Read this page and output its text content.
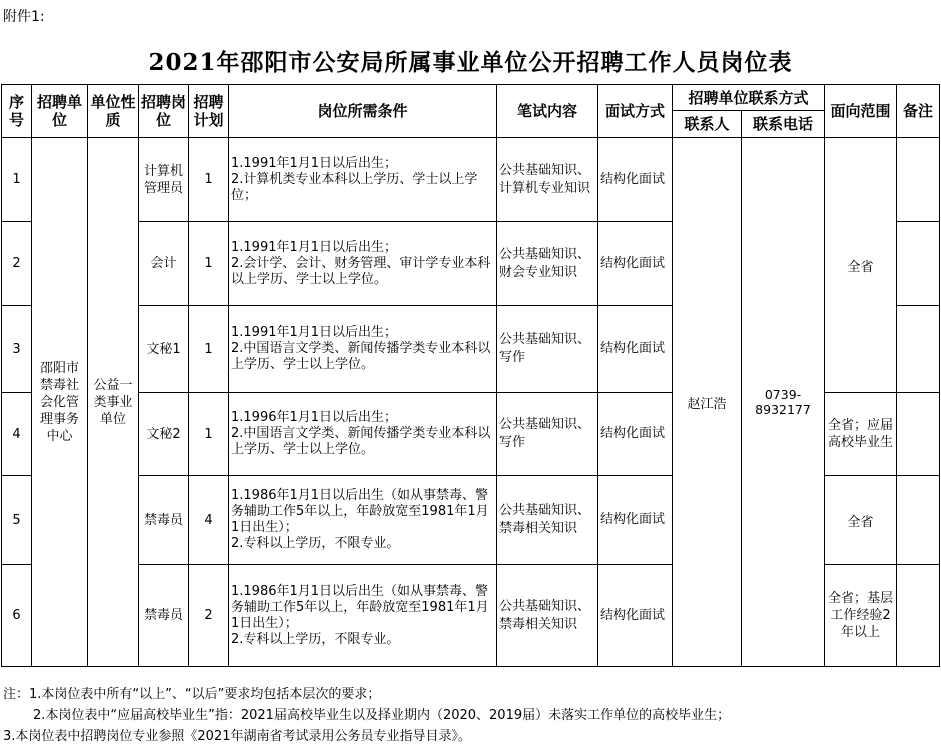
附件1:
2021年邵阳市公安局所属事业单位公开招聘工作人员岗位表
序号	招聘单位	单位性质	招聘岗位	招聘计划	岗位所需条件	笔试内容	面试方式	招聘单位联系方式		面向范围	备注
								联系人	联系电话		
1	邵阳市禁毒社会化管理事务中心	公益一类事业单位	计算机管理员	1	1.1991年1月1日以后出生；
2.计算机类专业本科以上学历、学士以上学位；	公共基础知识、计算机专业知识	结构化面试	赵江浩	0739-8932177	全省	
2			会计	1	1.1991年1月1日以后出生；
2.会计学、会计、财务管理、审计学专业本科以上学历、学士以上学位。	公共基础知识、财会专业知识	结构化面试				
3			文秘1	1	1.1991年1月1日以后出生；
2.中国语言文学类、新闻传播学类专业本科以上学历、学士以上学位。	公共基础知识、写作	结构化面试				
4			文秘2	1	1.1996年1月1日以后出生；
2.中国语言文学类、新闻传播学类专业本科以上学历、学士以上学位。	公共基础知识、写作	结构化面试			全省；应届高校毕业生	
5			禁毒员	4	1.1986年1月1日以后出生（如从事禁毒、警务辅助工作5年以上，年龄放宽至1981年1月1日出生）；
2.专科以上学历，不限专业。	公共基础知识、禁毒相关知识	结构化面试			全省	
6			禁毒员	2	1.1986年1月1日以后出生（如从事禁毒、警务辅助工作5年以上，年龄放宽至1981年1月1日出生）；
2.专科以上学历，不限专业。	公共基础知识、禁毒相关知识	结构化面试			全省；基层工作经验2年以上	
注：1.本岗位表中所有“以上”、“以后”要求均包括本层次的要求；
2.本岗位表中“应届高校毕业生”指：2021届高校毕业生以及择业期内（2020、2019届）未落实工作单位的高校毕业生；
3.本岗位表中招聘岗位专业参照《2021年湖南省考试录用公务员专业指导目录》。
